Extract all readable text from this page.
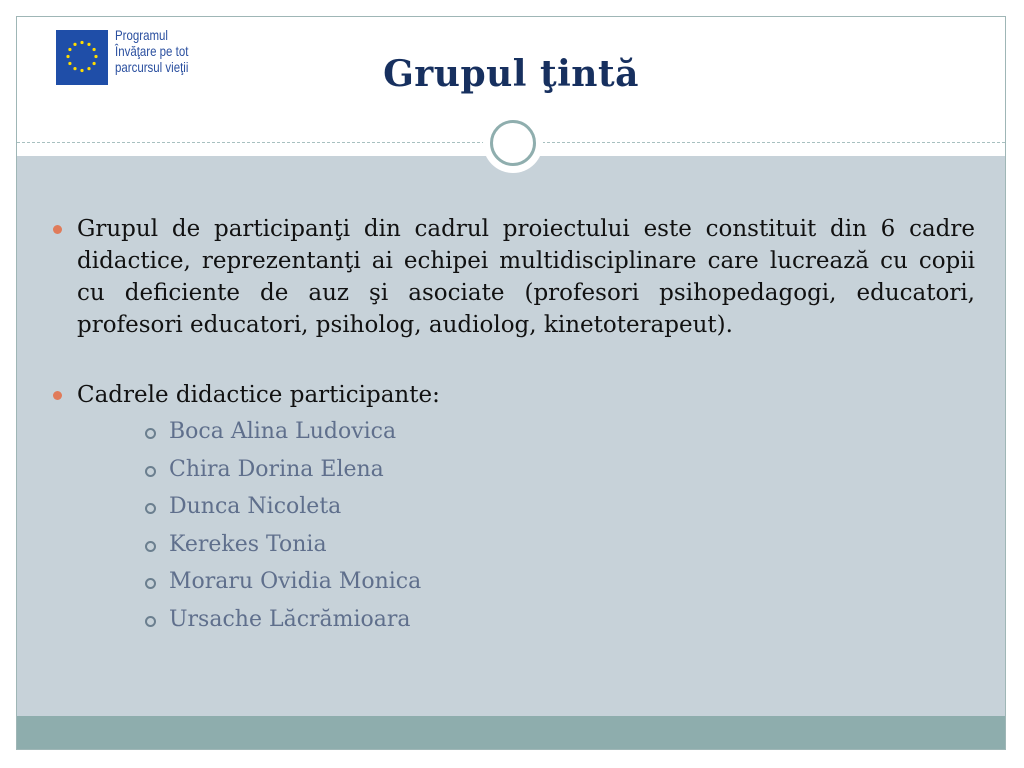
Programul
Învăţare pe tot
parcursul vieţii	Grupul ţintă
Grupul de participanţi din cadrul proiectului este constituit din 6 cadre didactice, reprezentanţi ai echipei multidisciplinare care lucrează cu copii cu deficiente de auz şi asociate (profesori psihopedagogi, educatori, profesori educatori, psiholog, audiolog, kinetoterapeut).
Cadrele didactice participante:
Boca Alina Ludovica
Chira Dorina Elena
Dunca Nicoleta
Kerekes Tonia
Moraru Ovidia Monica
Ursache Lăcrămioara
